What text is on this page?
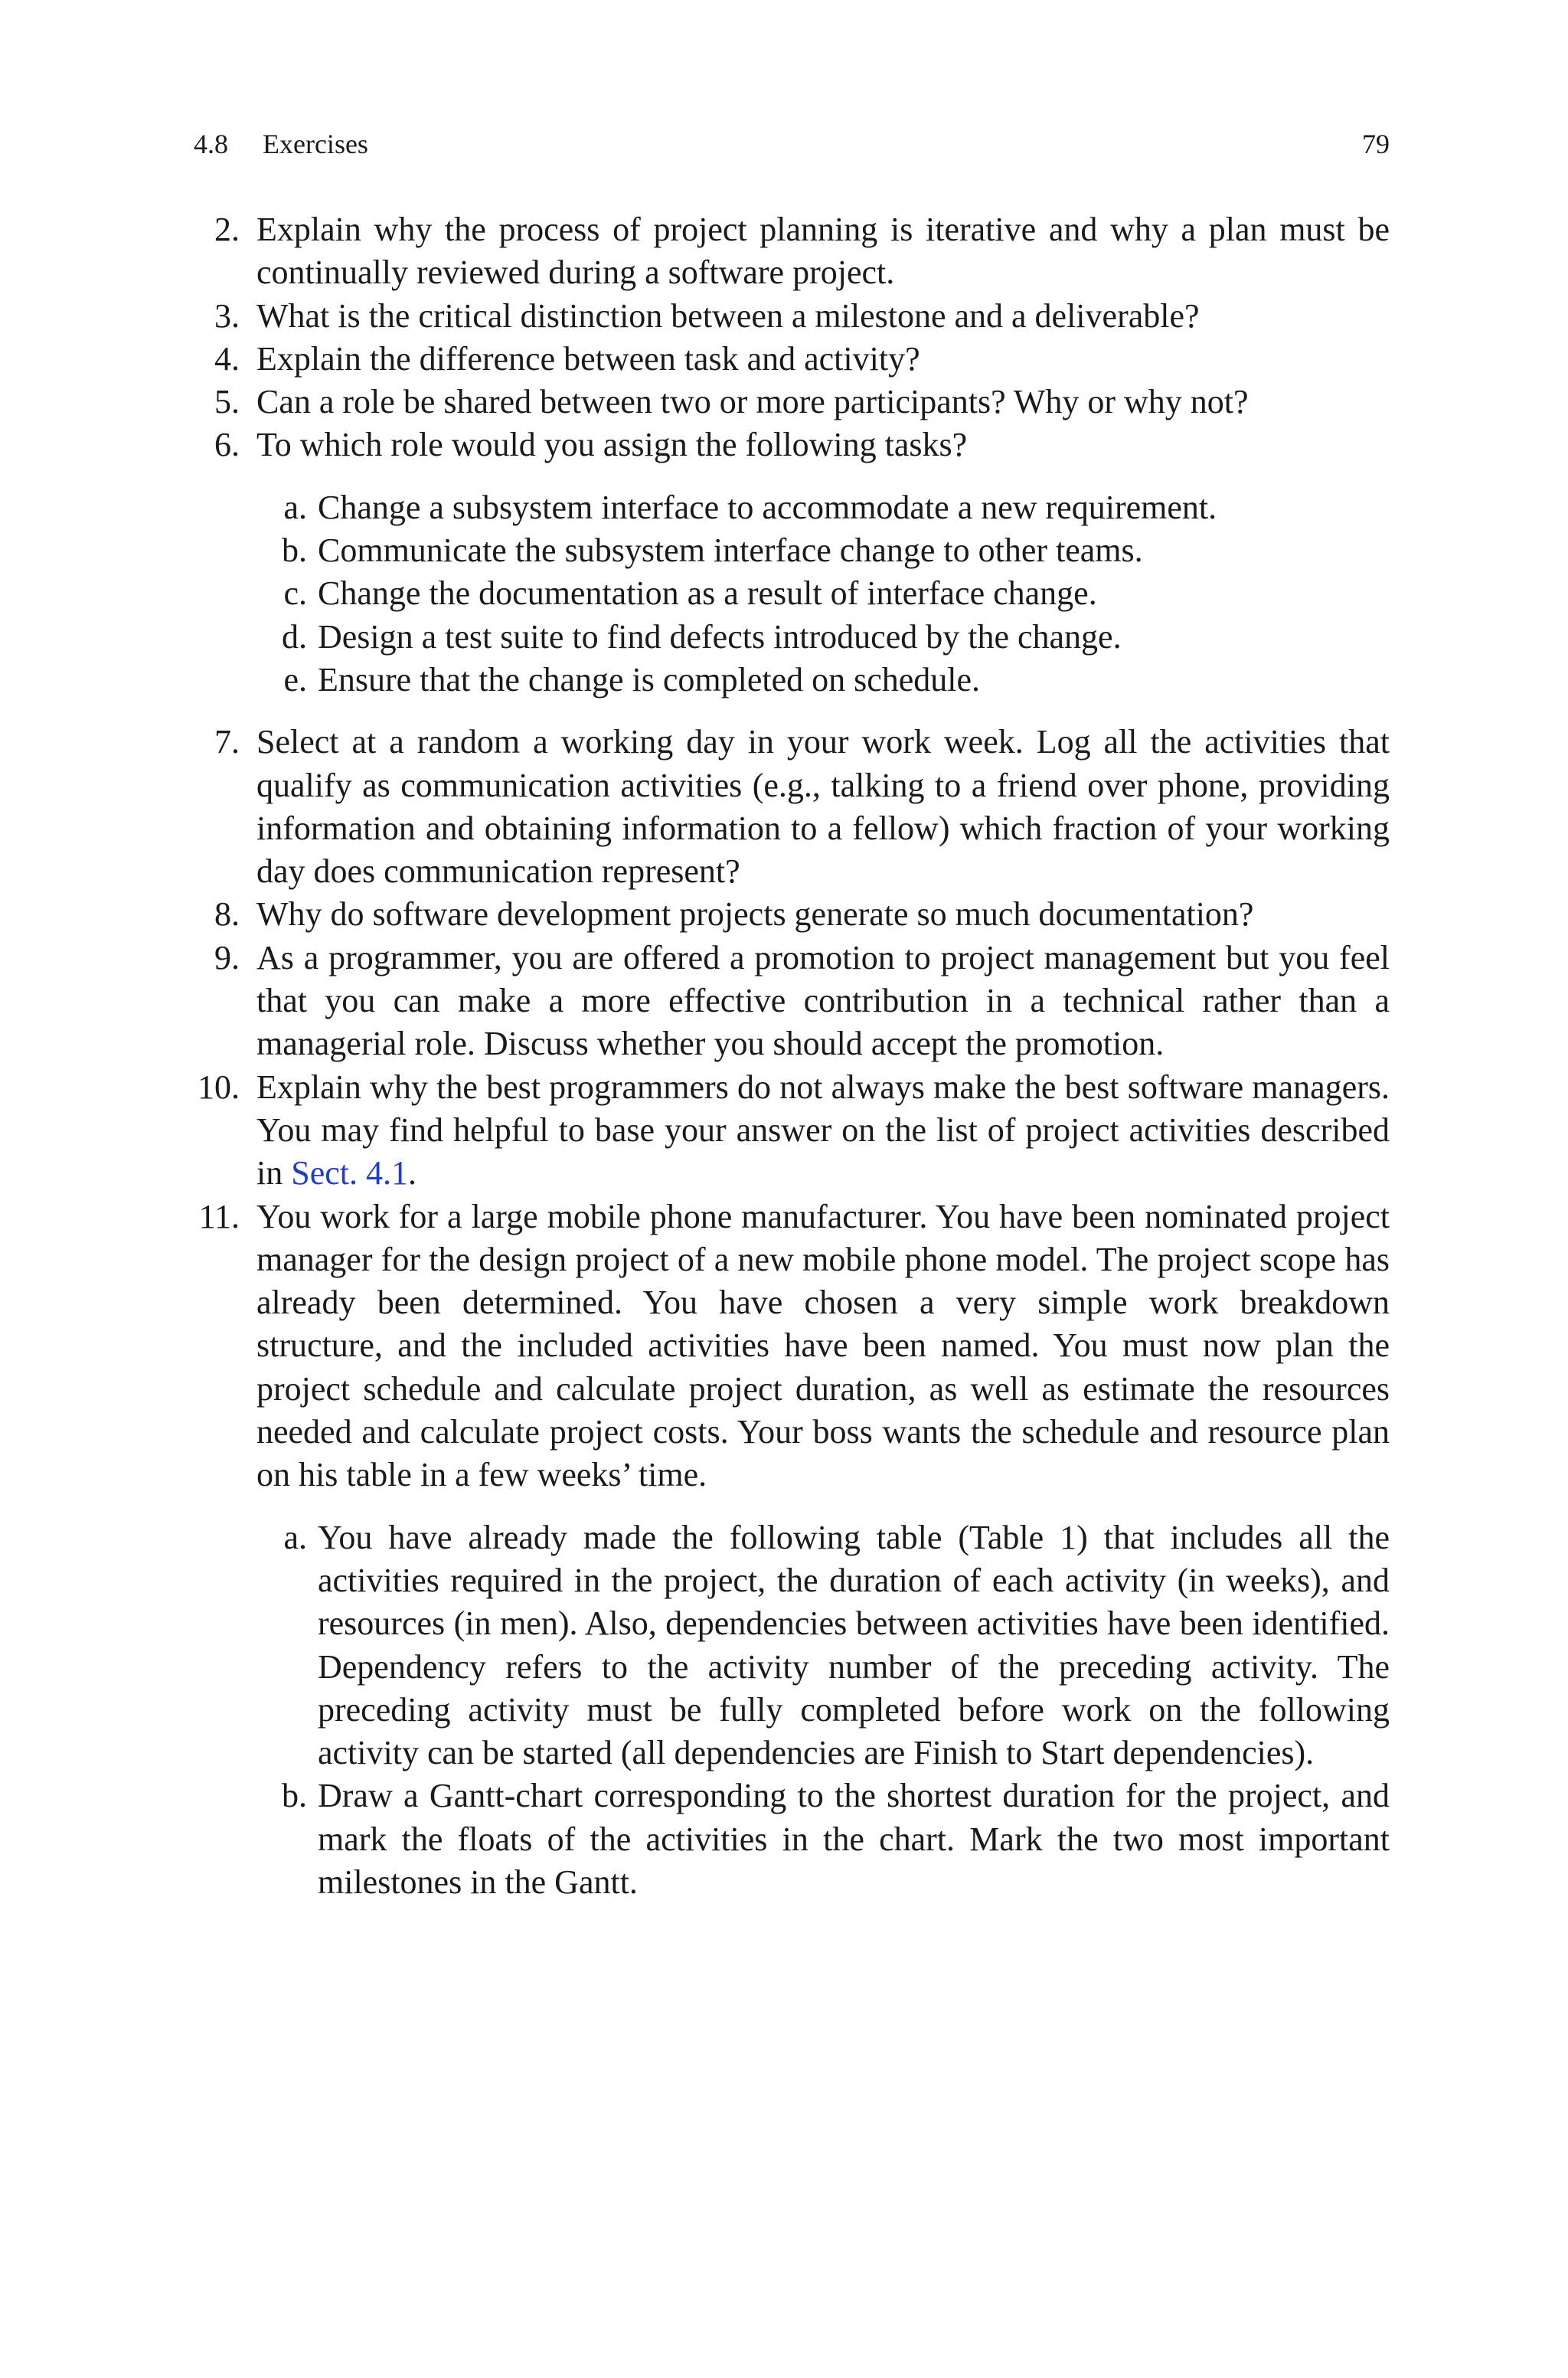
4.8 Exercises	79
2. Explain why the process of project planning is iterative and why a plan must be continually reviewed during a software project.
3. What is the critical distinction between a milestone and a deliverable?
4. Explain the difference between task and activity?
5. Can a role be shared between two or more participants? Why or why not?
6. To which role would you assign the following tasks?
a. Change a subsystem interface to accommodate a new requirement.
b. Communicate the subsystem interface change to other teams.
c. Change the documentation as a result of interface change.
d. Design a test suite to find defects introduced by the change.
e. Ensure that the change is completed on schedule.
7. Select at a random a working day in your work week. Log all the activities that qualify as communication activities (e.g., talking to a friend over phone, providing information and obtaining information to a fellow) which fraction of your working day does communication represent?
8. Why do software development projects generate so much documentation?
9. As a programmer, you are offered a promotion to project management but you feel that you can make a more effective contribution in a technical rather than a managerial role. Discuss whether you should accept the promotion.
10. Explain why the best programmers do not always make the best software managers. You may find helpful to base your answer on the list of project activities described in Sect. 4.1.
11. You work for a large mobile phone manufacturer. You have been nominated project manager for the design project of a new mobile phone model. The project scope has already been determined. You have chosen a very simple work breakdown structure, and the included activities have been named. You must now plan the project schedule and calculate project duration, as well as estimate the resources needed and calculate project costs. Your boss wants the schedule and resource plan on his table in a few weeks’ time.
a. You have already made the following table (Table 1) that includes all the activities required in the project, the duration of each activity (in weeks), and resources (in men). Also, dependencies between activities have been identified. Dependency refers to the activity number of the preceding activity. The preceding activity must be fully completed before work on the following activity can be started (all dependencies are Finish to Start dependencies).
b. Draw a Gantt-chart corresponding to the shortest duration for the project, and mark the floats of the activities in the chart. Mark the two most important milestones in the Gantt.
